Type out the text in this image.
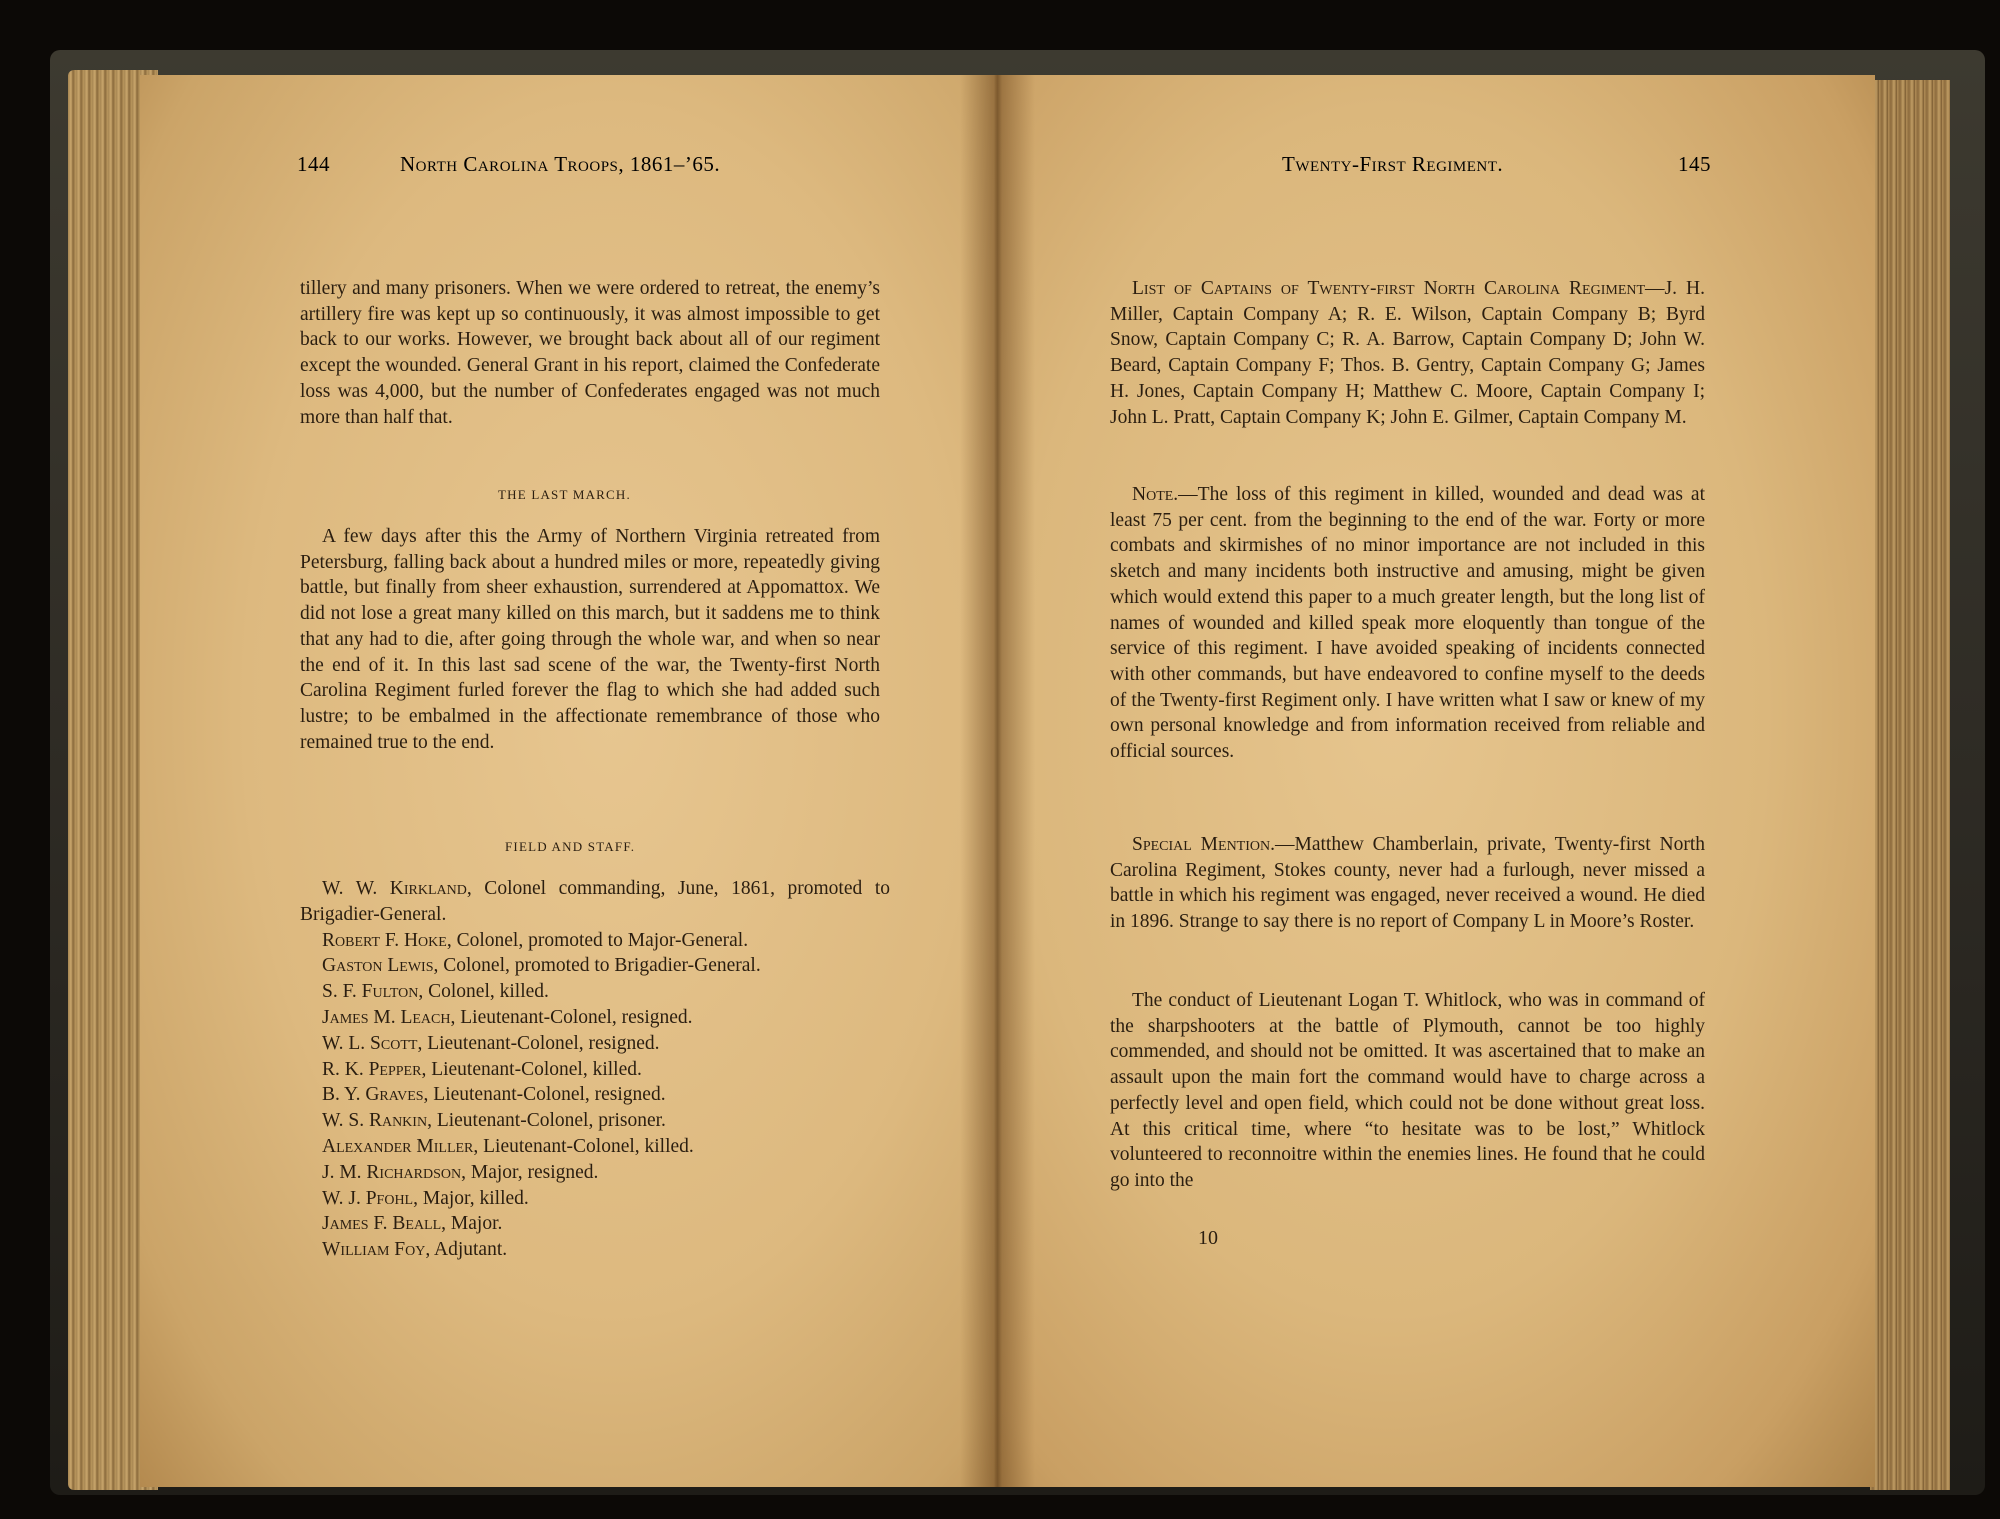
144	North Carolina Troops, 1861–’65.

tillery and many prisoners. When we were ordered to retreat, the enemy’s artillery fire was kept up so continuously, it was almost impossible to get back to our works. However, we brought back about all of our regiment except the wounded. General Grant in his report, claimed the Confederate loss was 4,000, but the number of Confederates engaged was not much more than half that.

THE LAST MARCH.

A few days after this the Army of Northern Virginia retreated from Petersburg, falling back about a hundred miles or more, repeatedly giving battle, but finally from sheer exhaustion, surrendered at Appomattox. We did not lose a great many killed on this march, but it saddens me to think that any had to die, after going through the whole war, and when so near the end of it. In this last sad scene of the war, the Twenty-first North Carolina Regiment furled forever the flag to which she had added such lustre; to be embalmed in the affectionate remembrance of those who remained true to the end.

FIELD AND STAFF.
W. W. Kirkland, Colonel commanding, June, 1861, promoted to Brigadier-General.
Robert F. Hoke, Colonel, promoted to Major-General.
Gaston Lewis, Colonel, promoted to Brigadier-General.
S. F. Fulton, Colonel, killed.
James M. Leach, Lieutenant-Colonel, resigned.
W. L. Scott, Lieutenant-Colonel, resigned.
R. K. Pepper, Lieutenant-Colonel, killed.
B. Y. Graves, Lieutenant-Colonel, resigned.
W. S. Rankin, Lieutenant-Colonel, prisoner.
Alexander Miller, Lieutenant-Colonel, killed.
J. M. Richardson, Major, resigned.
W. J. Pfohl, Major, killed.
James F. Beall, Major.
William Foy, Adjutant.
Twenty-First Regiment.	145

List of Captains of Twenty-first North Carolina Regiment—J. H. Miller, Captain Company A; R. E. Wilson, Captain Company B; Byrd Snow, Captain Company C; R. A. Barrow, Captain Company D; John W. Beard, Captain Company F; Thos. B. Gentry, Captain Company G; James H. Jones, Captain Company H; Matthew C. Moore, Captain Company I; John L. Pratt, Captain Company K; John E. Gilmer, Captain Company M.

Note.—The loss of this regiment in killed, wounded and dead was at least 75 per cent. from the beginning to the end of the war. Forty or more combats and skirmishes of no minor importance are not included in this sketch and many incidents both instructive and amusing, might be given which would extend this paper to a much greater length, but the long list of names of wounded and killed speak more eloquently than tongue of the service of this regiment. I have avoided speaking of incidents connected with other commands, but have endeavored to confine myself to the deeds of the Twenty-first Regiment only. I have written what I saw or knew of my own personal knowledge and from information received from reliable and official sources.

Special Mention.—Matthew Chamberlain, private, Twenty-first North Carolina Regiment, Stokes county, never had a furlough, never missed a battle in which his regiment was engaged, never received a wound. He died in 1896. Strange to say there is no report of Company L in Moore’s Roster.

The conduct of Lieutenant Logan T. Whitlock, who was in command of the sharpshooters at the battle of Plymouth, cannot be too highly commended, and should not be omitted. It was ascertained that to make an assault upon the main fort the command would have to charge across a perfectly level and open field, which could not be done without great loss. At this critical time, where “to hesitate was to be lost,” Whitlock volunteered to reconnoitre within the enemies lines. He found that he could go into the

10
